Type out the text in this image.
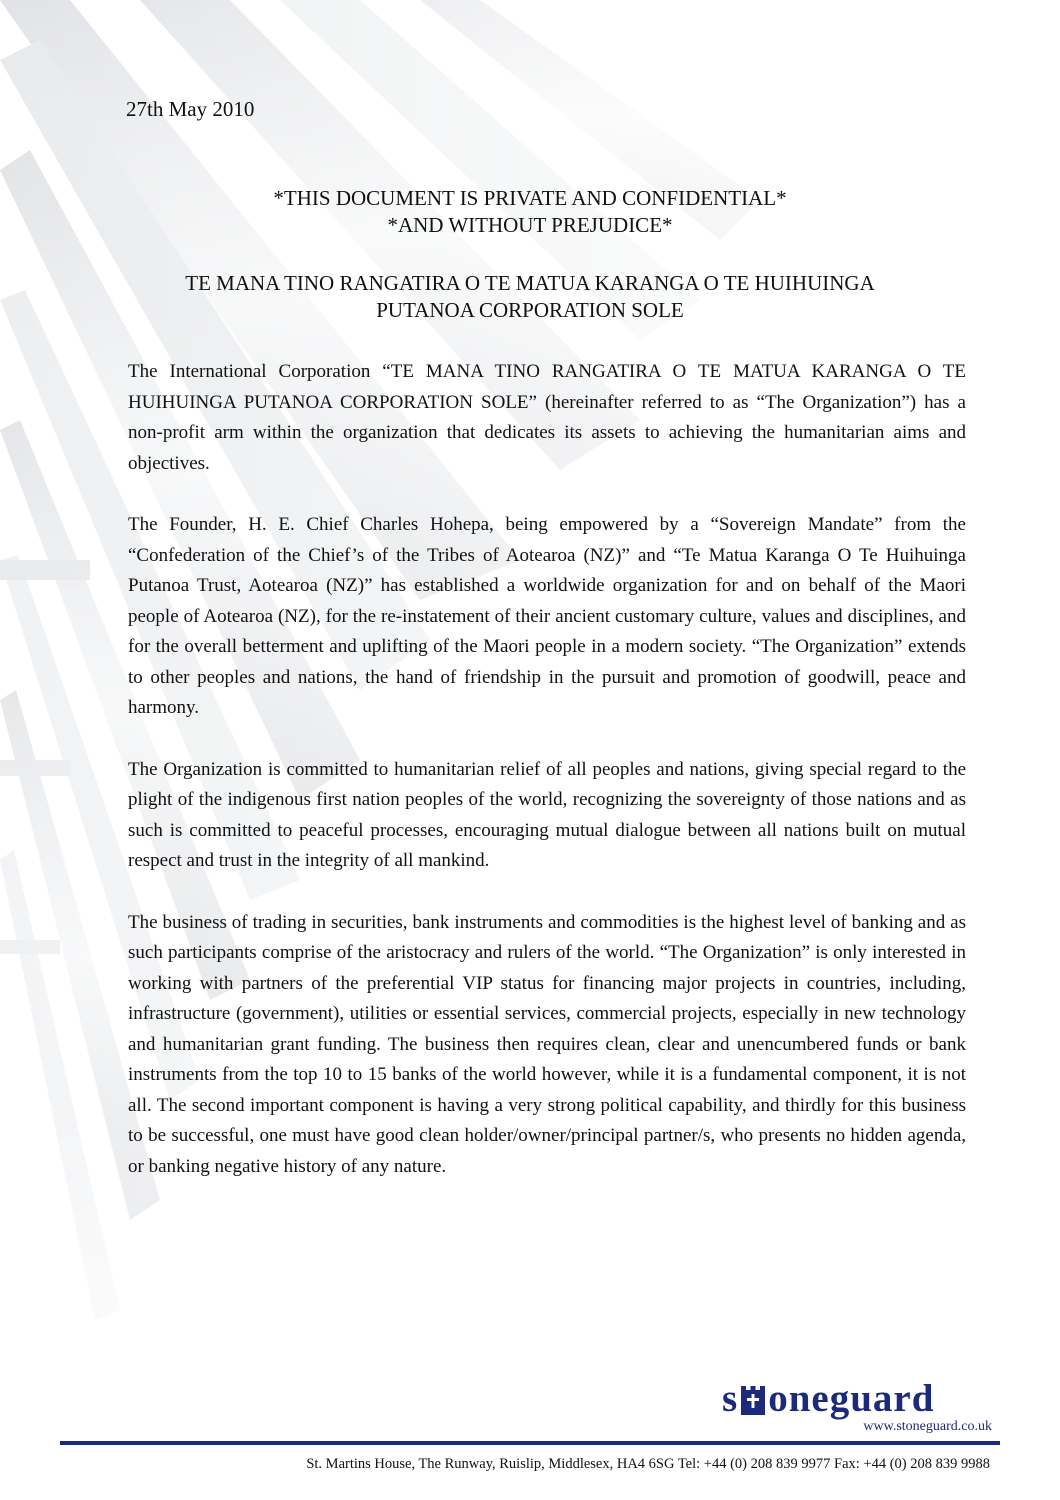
27th May 2010
*THIS DOCUMENT IS PRIVATE AND CONFIDENTIAL*
*AND WITHOUT PREJUDICE*
TE MANA TINO RANGATIRA O TE MATUA KARANGA O TE HUIHUINGA
PUTANOA CORPORATION SOLE

The International Corporation “TE MANA TINO RANGATIRA O TE MATUA KARANGA O TE HUIHUINGA PUTANOA CORPORATION SOLE” (hereinafter referred to as “The Organization”) has a non-profit arm within the organization that dedicates its assets to achieving the humanitarian aims and objectives.

The Founder, H. E. Chief Charles Hohepa, being empowered by a “Sovereign Mandate” from the “Confederation of the Chief’s of the Tribes of Aotearoa (NZ)” and “Te Matua Karanga O Te Huihuinga Putanoa Trust, Aotearoa (NZ)” has established a worldwide organization for and on behalf of the Maori people of Aotearoa (NZ), for the re-instatement of their ancient customary culture, values and disciplines, and for the overall betterment and uplifting of the Maori people in a modern society. “The Organization” extends to other peoples and nations, the hand of friendship in the pursuit and promotion of goodwill, peace and harmony.

The Organization is committed to humanitarian relief of all peoples and nations, giving special regard to the plight of the indigenous first nation peoples of the world, recognizing the sovereignty of those nations and as such is committed to peaceful processes, encouraging mutual dialogue between all nations built on mutual respect and trust in the integrity of all mankind.

The business of trading in securities, bank instruments and commodities is the highest level of banking and as such participants comprise of the aristocracy and rulers of the world. “The Organization” is only interested in working with partners of the preferential VIP status for financing major projects in countries, including, infrastructure (government), utilities or essential services, commercial projects, especially in new technology and humanitarian grant funding. The business then requires clean, clear and unencumbered funds or bank instruments from the top 10 to 15 banks of the world however, while it is a fundamental component, it is not all. The second important component is having a very strong political capability, and thirdly for this business to be successful, one must have good clean holder/owner/principal partner/s, who presents no hidden agenda, or banking negative history of any nature.

s oneguard
www.stoneguard.co.uk
St. Martins House, The Runway, Ruislip, Middlesex, HA4 6SG Tel: +44 (0) 208 839 9977 Fax: +44 (0) 208 839 9988
